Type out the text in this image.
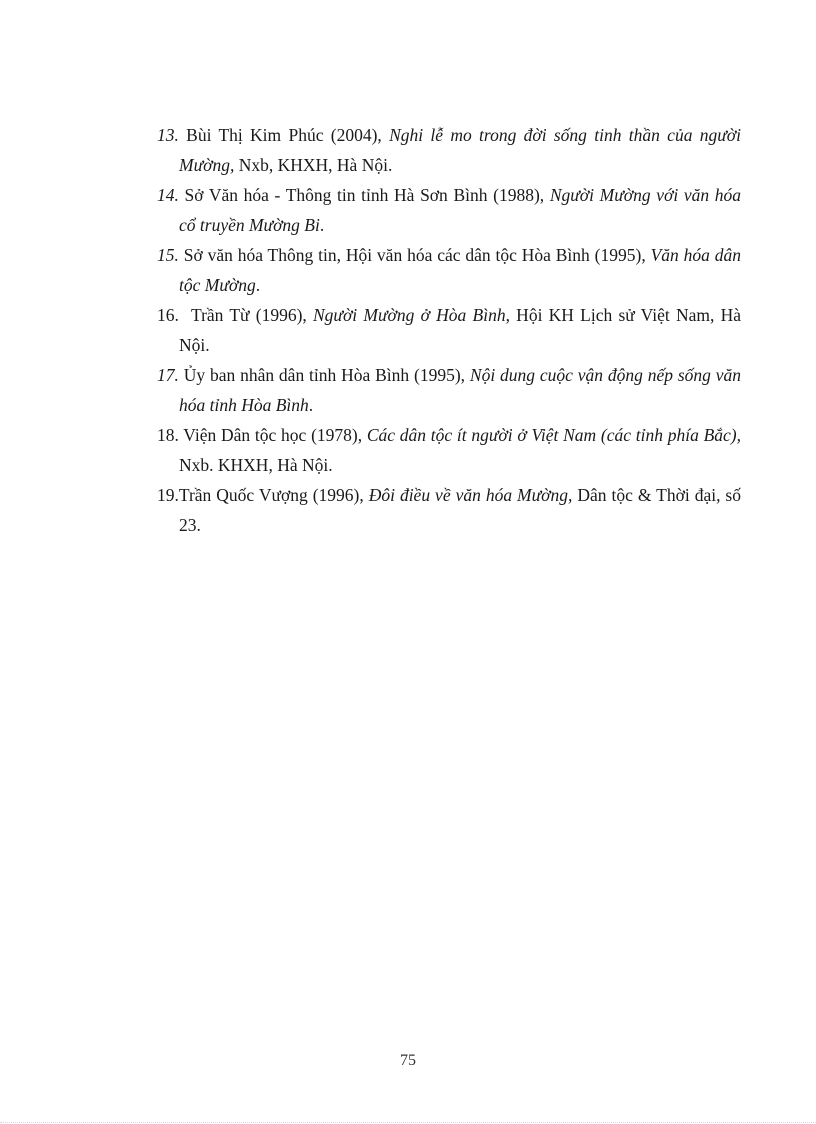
13. Bùi Thị Kim Phúc (2004), Nghi lễ mo trong đời sống tinh thần của người Mường, Nxb, KHXH, Hà Nội.

14. Sở Văn hóa - Thông tin tỉnh Hà Sơn Bình (1988), Người Mường với văn hóa cổ truyền Mường Bi.

15. Sở văn hóa Thông tin, Hội văn hóa các dân tộc Hòa Bình (1995), Văn hóa dân tộc Mường.

16.  Trần Từ (1996), Người Mường ở Hòa Bình, Hội KH Lịch sử Việt Nam, Hà Nội.

17. Ủy ban nhân dân tỉnh Hòa Bình (1995), Nội dung cuộc vận động nếp sống văn hóa tỉnh Hòa Bình.

18. Viện Dân tộc học (1978), Các dân tộc ít người ở Việt Nam (các tỉnh phía Bắc), Nxb. KHXH, Hà Nội.

19.Trần Quốc Vượng (1996), Đôi điều về văn hóa Mường, Dân tộc & Thời đại, số 23.

75
